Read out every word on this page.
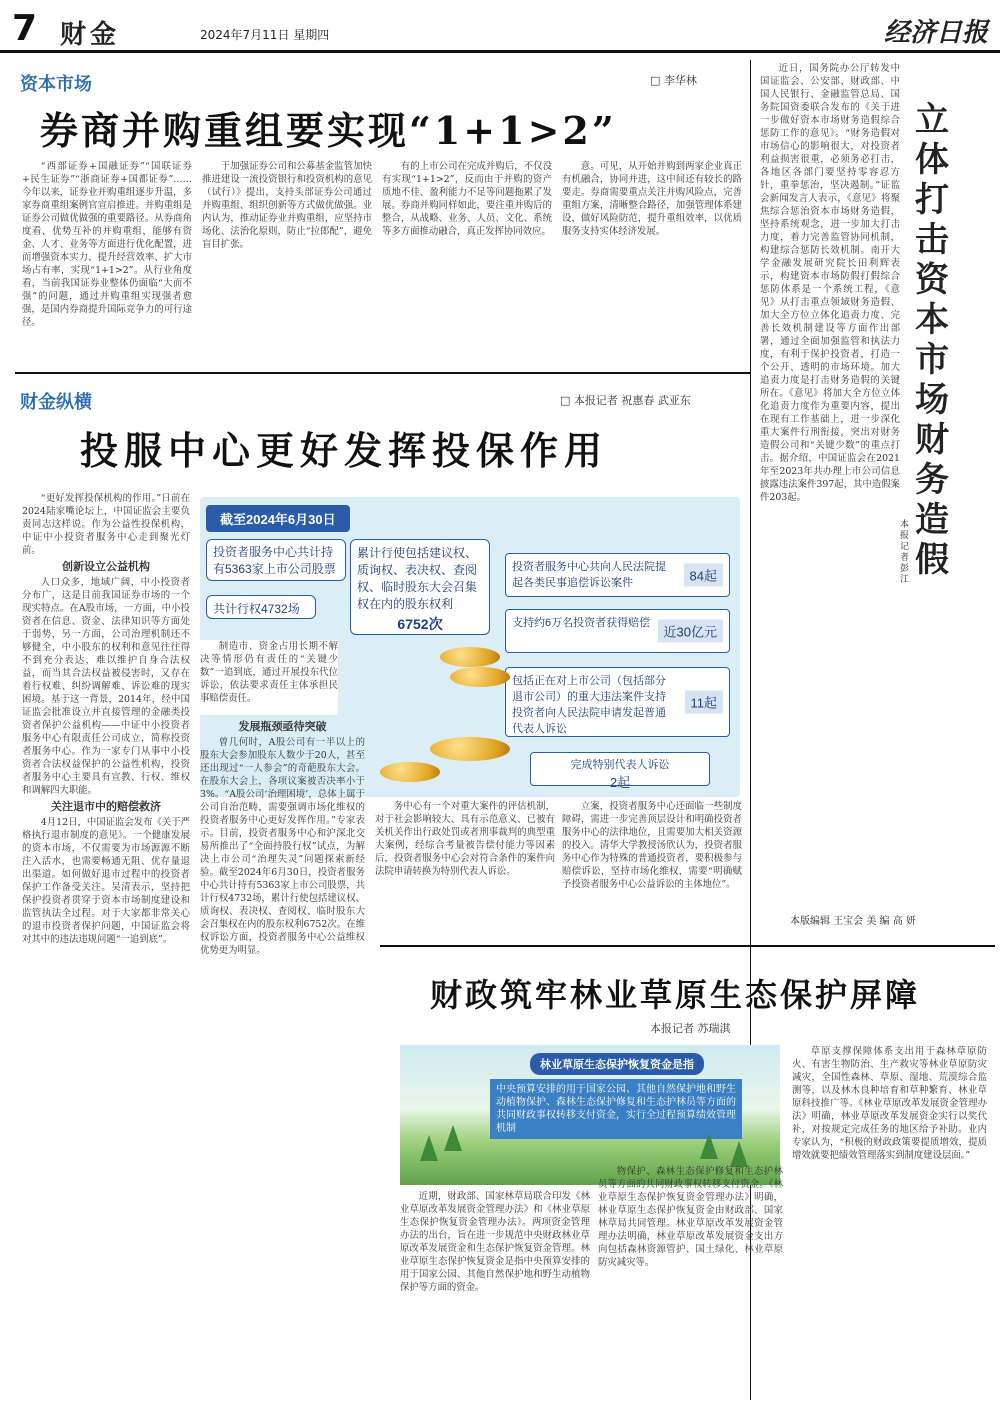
7 财金	2024年7月11日 星期四	经济日报
资本市场	□ 李华林
券商并购重组要实现“1+1>2”

“西部证券+国融证券”“国联证券+民生证券”“浙商证券+国都证券”……今年以来，证券业并购重组逐步升温，多家券商重组案例官宣启推进。并购重组是证券公司做优做强的重要路径。从券商角度看，优势互补的并购重组，能够有资金、人才、业务等方面进行优化配置，进而增强资本实力、提升经营效率、扩大市场占有率，实现“1+1>2”。从行业角度看，当前我国证券业整体仍面临“大而不强”的问题，通过并购重组实现强者愈强，是国内券商提升国际竞争力的可行途径。

于加强证券公司和公募基金监管加快推进建设一流投资银行和投资机构的意见（试行）》提出，支持头部证券公司通过并购重组、组织创新等方式做优做强。业内认为，推动证券业并购重组，应坚持市场化、法治化原则，防止“拉郎配”，避免盲目扩张。

有的上市公司在完成并购后，不仅没有实现“1+1>2”，反而由于并购的资产质地不佳、盈利能力不足等问题拖累了发展。券商并购同样如此，要注重并购后的整合，从战略、业务、人员、文化、系统等多方面推动融合，真正发挥协同效应。

意。可见，从开始并购到两家企业真正有机融合，协同并进，这中间还有较长的路要走。券商需要重点关注并购风险点，完善重组方案，清晰整合路径，加强管理体系建设，做好风险防范，提升重组效率，以优质服务支持实体经济发展。

财金纵横	□ 本报记者 祝惠春 武亚东
投服中心更好发挥投保作用

“更好发挥投保机构的作用。”日前在2024陆家嘴论坛上，中国证监会主要负责同志这样说。作为公益性投保机构，中证中小投资者服务中心走到聚光灯前。

创新设立公益机构

人口众多，地域广阔，中小投资者分布广，这是目前我国证券市场的一个现实特点。在A股市场，一方面，中小投资者在信息、资金、法律知识等方面处于弱势，另一方面，公司治理机制还不够健全，中小股东的权利和意见往往得不到充分表达，难以维护自身合法权益，而当其合法权益被侵害时，又存在着行权难、纠纷调解难、诉讼难的现实困境。基于这一背景，2014年，经中国证监会批准设立并直接管理的金融类投资者保护公益机构——中证中小投资者服务中心有限责任公司成立，简称投资者服务中心。作为一家专门从事中小投资者合法权益保护的公益性机构，投资者服务中心主要具有宣教、行权、维权和调解四大职能。

关注退市中的赔偿救济

4月12日，中国证监会发布《关于严格执行退市制度的意见》。一个健康发展的资本市场，不仅需要为市场源源不断注入活水，也需要畅通无阻、优存量退出渠道。如何做好退市过程中的投资者保护工作备受关注。吴清表示，坚持把保护投资者贯穿于资本市场制度建设和监管执法全过程。对于大家都非常关心的退市投资者保护问题，中国证监会将对其中的违法违规问题“一追到底”。

截至2024年6月30日
投资者服务中心共计持有5363家上市公司股票
共计行权4732场
累计行使包括建议权、质询权、表决权、查阅权、临时股东大会召集权在内的股东权利
6752次
投资者服务中心共向人民法院提起各类民事追偿诉讼案件	84起
支持约6万名投资者获得赔偿
近30亿元
包括正在对上市公司（包括部分退市公司）的重大违法案件支持投资者向人民法院申请发起普通代表人诉讼
11起
完成特别代表人诉讼
2起

制造市、资金占用长期不解决等情形仍有责任的“关键少数”一追到底，通过开展投东代位诉讼，依法要求责任主体承担民事赔偿责任。

发展瓶颈亟待突破

曾几何时，A股公司有一半以上的股东大会参加股东人数少于20人，甚至还出现过“一人参会”的奇葩股东大会。在股东大会上，各项议案被否决率小于3%。“A股公司‘治理困境’，总体上属于公司自治范畴，需要强调市场化维权的投资者服务中心更好发挥作用。”专家表示。目前，投资者服务中心和沪深北交易所推出了“全面持股行权”试点，为解决上市公司“治理失灵”问题探索新经验。截至2024年6月30日，投资者服务中心共计持有5363家上市公司股票，共计行权4732场，累计行使包括建议权、质询权、表决权、查阅权、临时股东大会召集权在内的股东权利6752次。在维权诉讼方面，投资者服务中心公益维权优势更为明显。

务中心有一个对重大案件的评估机制，对于社会影响较大、具有示范意义、已被有关机关作出行政处罚或者刑事裁判的典型重大案例，经综合考量被告偿付能力等因素后，投资者服务中心会对符合条件的案件向法院申请转换为特别代表人诉讼。

立案，投资者服务中心还面临一些制度障碍，需进一步完善顶层设计和明确投资者服务中心的法律地位，且需要加大相关资源的投入。清华大学教授汤欣认为，投资者服务中心作为特殊的普通投资者，要积极参与赔偿诉讼，坚持市场化维权，需要“明确赋予投资者服务中心公益诉讼的主体地位”。

近日，国务院办公厅转发中国证监会、公安部、财政部、中国人民银行、金融监管总局、国务院国资委联合发布的《关于进一步做好资本市场财务造假综合惩防工作的意见》。“财务造假对市场信心的影响很大，对投资者利益损害很重，必须务必打击，各地区各部门要坚持零容忍方针，重拳惩治，坚决遏制。”证监会新闻发言人表示，《意见》将聚焦综合惩治资本市场财务造假，坚持系统观念，进一步加大打击力度，着力完善监管协同机制，构建综合惩防长效机制。南开大学金融发展研究院长田利辉表示，构建资本市场防假打假综合惩防体系是一个系统工程，《意见》从打击重点领域财务造假、加大全方位立体化追责力度、完善长效机制建设等方面作出部署，通过全面加强监管和执法力度，有利于保护投资者，打造一个公开、透明的市场环境。加大追责力度是打击财务造假的关键所在。《意见》将加大全方位立体化追责力度作为重要内容，提出在现有工作基础上，进一步深化重大案件行刑衔接，突出对财务造假公司和“关键少数”的重点打击。据介绍，中国证监会在2021年至2023年共办理上市公司信息披露违法案件397起，其中造假案件203起。

立体打击资本市场财务造假
本报记者 彭江
本版编辑 王宝会 美 编 高 妍
财政筑牢林业草原生态保护屏障
本报记者 苏瑞淇
林业草原生态保护恢复资金是指
中央预算安排的用于国家公园、其他自然保护地和野生动植物保护、森林生态保护修复和生态护林员等方面的共同财政事权转移支付资金，实行全过程预算绩效管理机制

近期，财政部、国家林草局联合印发《林业草原改革发展资金管理办法》和《林业草原生态保护恢复资金管理办法》。两项资金管理办法的出台，旨在进一步规范中央财政林业草原改革发展资金和生态保护恢复资金管理。林业草原生态保护恢复资金是指中央预算安排的用于国家公园、其他自然保护地和野生动植物保护等方面的资金。

物保护、森林生态保护修复和生态护林员等方面的共同财政事权转移支付资金。《林业草原生态保护恢复资金管理办法》明确，林业草原生态保护恢复资金由财政部、国家林草局共同管理。林业草原改革发展资金管理办法明确，林业草原改革发展资金支出方向包括森林资源管护、国土绿化、林业草原防灾减灾等。

草原支撑保障体系支出用于森林草原防火、有害生物防治、生产救灾等林业草原防灾减灾，全国性森林、草原、湿地、荒漠综合监测等，以及林木良种培育和草种繁育、林业草原科技推广等。《林业草原改革发展资金管理办法》明确，林业草原改革发展资金实行以奖代补，对按规定完成任务的地区给予补助。业内专家认为，“积极的财政政策要提质增效，提质增效就要把绩效管理落实到制度建设层面。”
